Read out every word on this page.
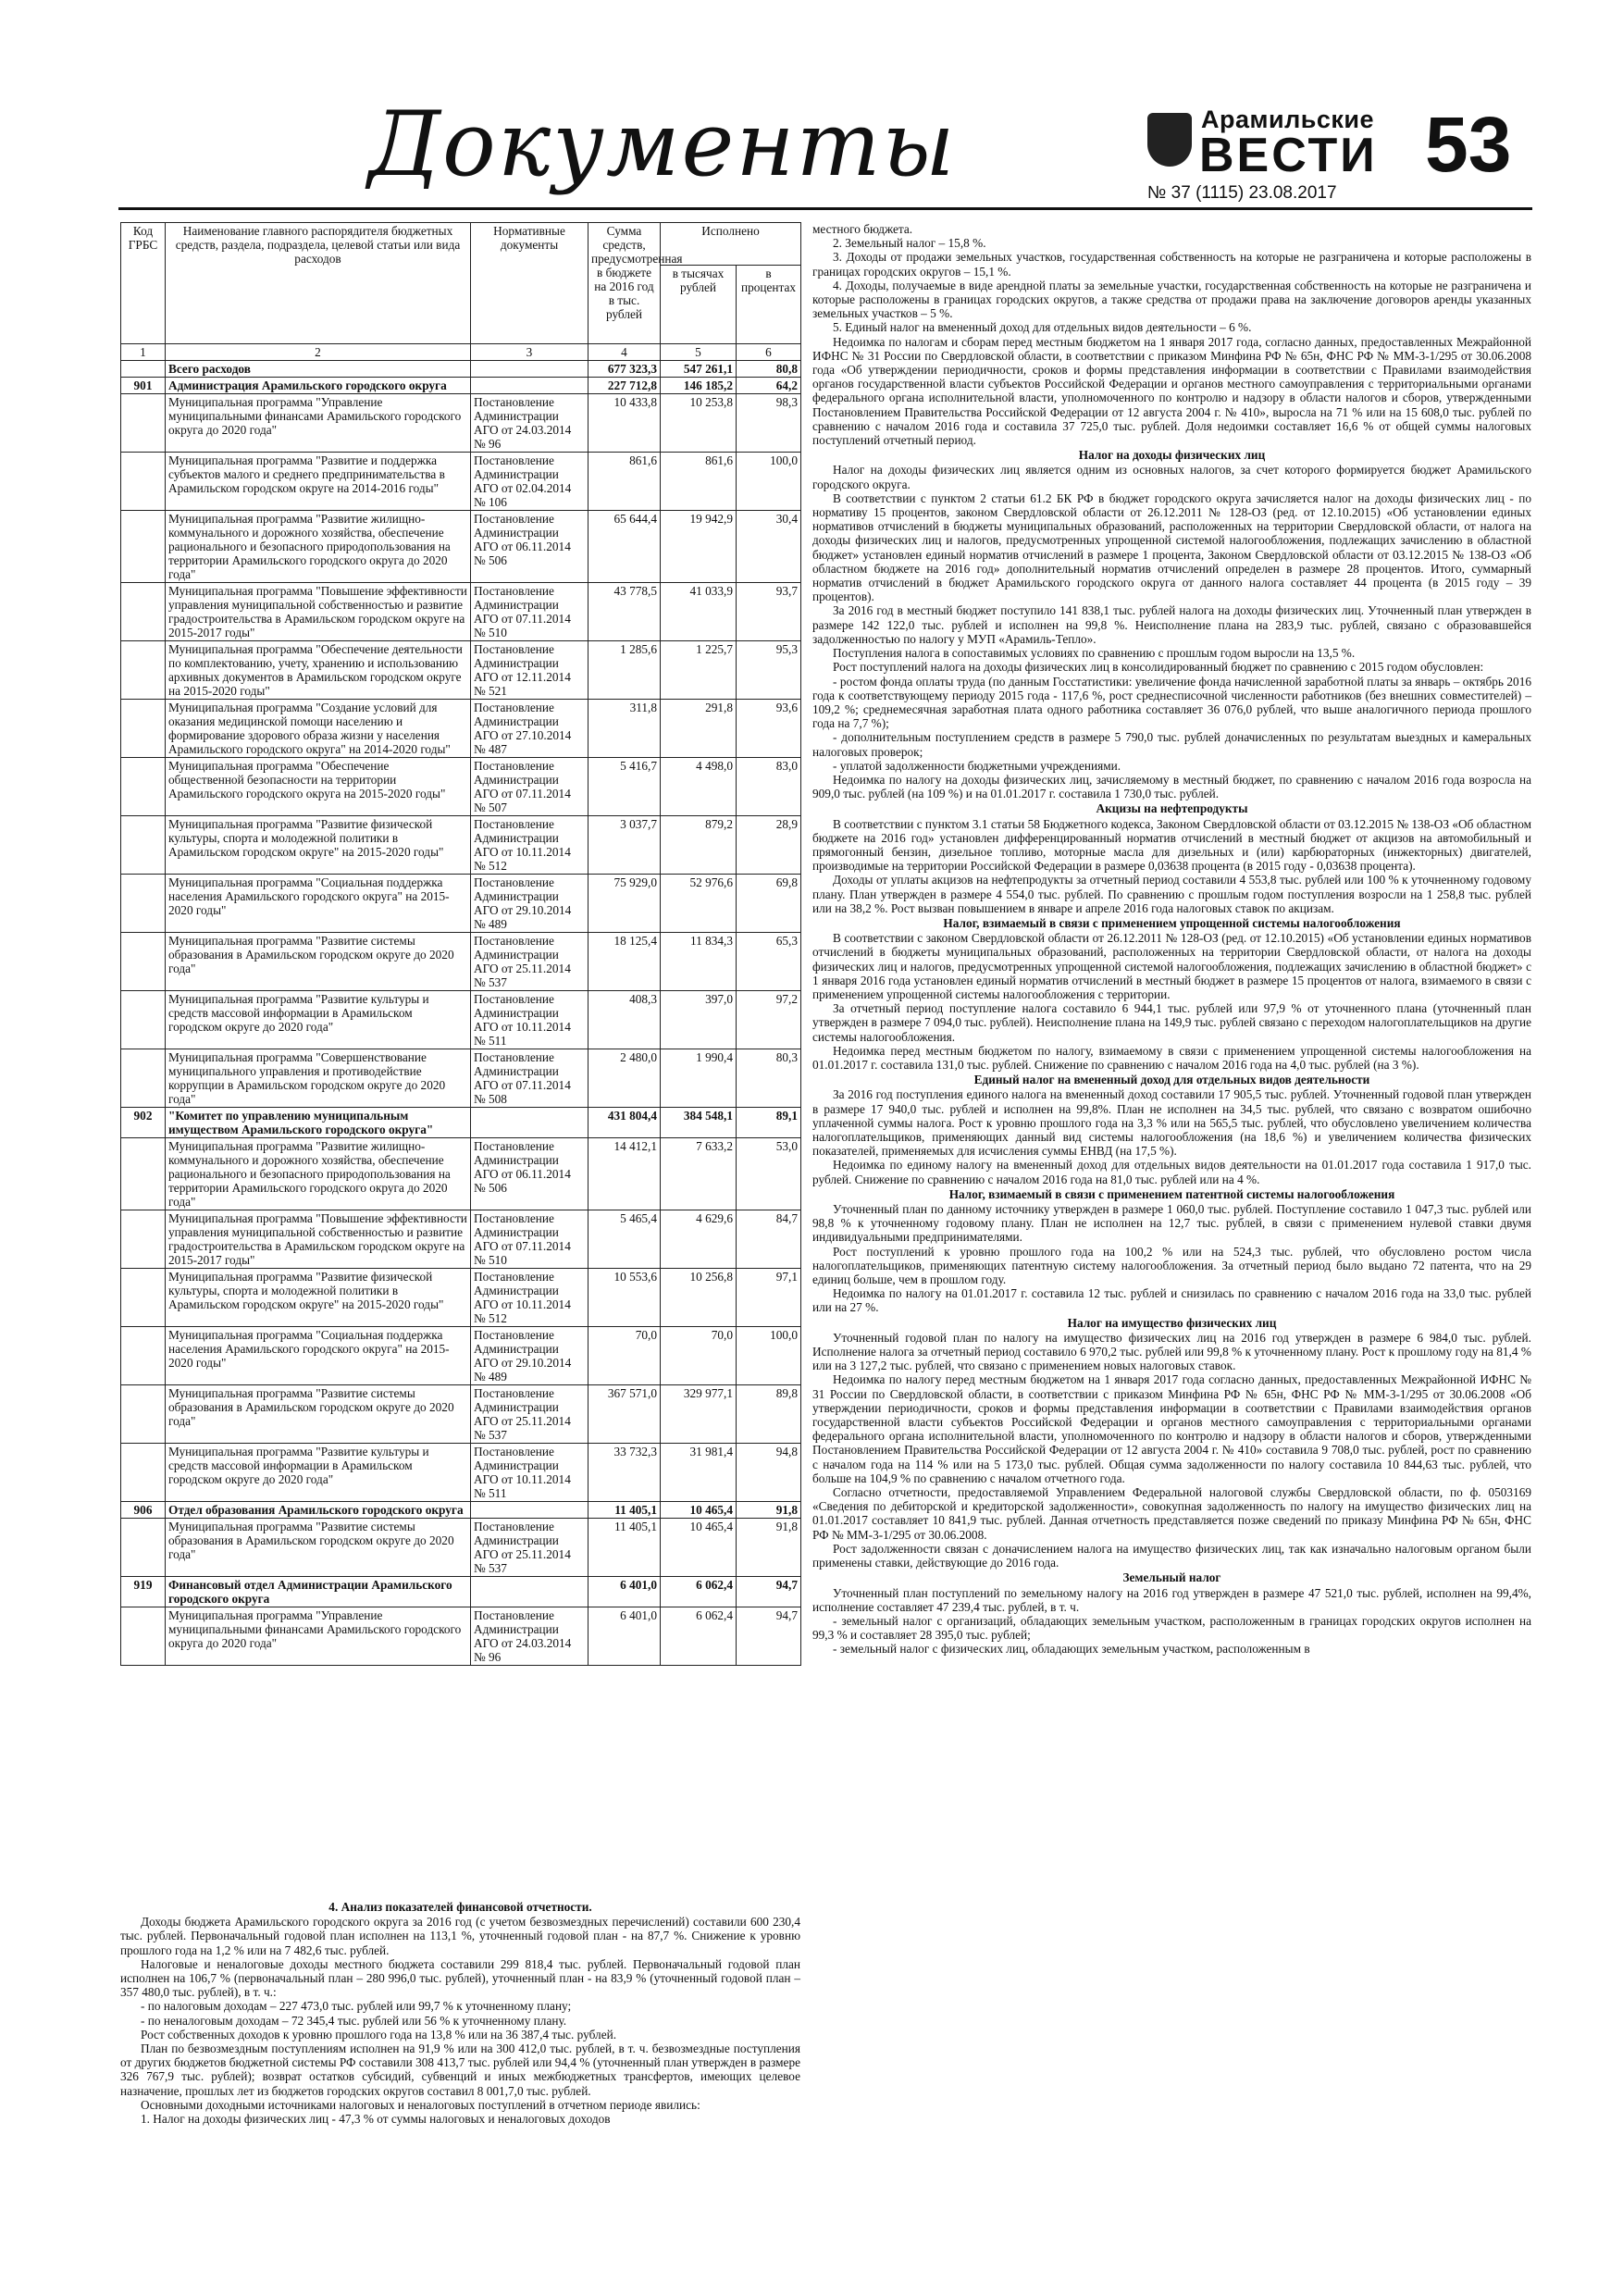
Документы	Арамильские
ВЕСТИ 53
№ 37 (1115) 23.08.2017
Код ГРБС	Наименование главного распорядителя бюджетных средств, раздела, подраздела, целевой статьи или вида расходов	Нормативные документы	Сумма средств, предусмотренная в бюджете на 2016 год в тыс. рублей	Исполнено	
				в тысячах рублей	в процентах
1	2	3	4	5	6
	Всего расходов		677 323,3	547 261,1	80,8
901	Администрация Арамильского городского округа		227 712,8	146 185,2	64,2
	Муниципальная программа "Управление муниципальными финансами Арамильского городского округа до 2020 года"	Постановление Администрации АГО от 24.03.2014 № 96	10 433,8	10 253,8	98,3
	Муниципальная программа "Развитие и поддержка субъектов малого и среднего предпринимательства в Арамильском городском округе на 2014-2016 годы"	Постановление Администрации АГО от 02.04.2014 № 106	861,6	861,6	100,0
	Муниципальная программа "Развитие жилищно-коммунального и дорожного хозяйства, обеспечение рационального и безопасного природопользования на территории Арамильского городского округа до 2020 года"	Постановление Администрации АГО от 06.11.2014 № 506	65 644,4	19 942,9	30,4
	Муниципальная программа "Повышение эффективности управления муниципальной собственностью и развитие градостроительства в Арамильском городском округе на 2015-2017 годы"	Постановление Администрации АГО от 07.11.2014 № 510	43 778,5	41 033,9	93,7
	Муниципальная программа "Обеспечение деятельности по комплектованию, учету, хранению и использованию архивных документов в Арамильском городском округе на 2015-2020 годы"	Постановление Администрации АГО от 12.11.2014 № 521	1 285,6	1 225,7	95,3
	Муниципальная программа "Создание условий для оказания медицинской помощи населению и формирование здорового образа жизни у населения Арамильского городского округа" на 2014-2020 годы"	Постановление Администрации АГО от 27.10.2014 № 487	311,8	291,8	93,6
	Муниципальная программа "Обеспечение общественной безопасности на территории Арамильского городского округа на 2015-2020 годы"	Постановление Администрации АГО от 07.11.2014 № 507	5 416,7	4 498,0	83,0
	Муниципальная программа "Развитие физической культуры, спорта и молодежной политики в Арамильском городском округе" на 2015-2020 годы"	Постановление Администрации АГО от 10.11.2014 № 512	3 037,7	879,2	28,9
	Муниципальная программа "Социальная поддержка населения Арамильского городского округа" на 2015-2020 годы"	Постановление Администрации АГО от 29.10.2014 № 489	75 929,0	52 976,6	69,8
	Муниципальная программа "Развитие системы образования в Арамильском городском округе до 2020 года"	Постановление Администрации АГО от 25.11.2014 № 537	18 125,4	11 834,3	65,3
	Муниципальная программа "Развитие культуры и средств массовой информации в Арамильском городском округе до 2020 года"	Постановление Администрации АГО от 10.11.2014 № 511	408,3	397,0	97,2
	Муниципальная программа "Совершенствование муниципального управления и противодействие коррупции в Арамильском городском округе до 2020 года"	Постановление Администрации АГО от 07.11.2014 № 508	2 480,0	1 990,4	80,3
902	"Комитет по управлению муниципальным имуществом Арамильского городского округа"		431 804,4	384 548,1	89,1
	Муниципальная программа "Развитие жилищно-коммунального и дорожного хозяйства, обеспечение рационального и безопасного природопользования на территории Арамильского городского округа до 2020 года"	Постановление Администрации АГО от 06.11.2014 № 506	14 412,1	7 633,2	53,0
	Муниципальная программа "Повышение эффективности управления муниципальной собственностью и развитие градостроительства в Арамильском городском округе на 2015-2017 годы"	Постановление Администрации АГО от 07.11.2014 № 510	5 465,4	4 629,6	84,7
	Муниципальная программа "Развитие физической культуры, спорта и молодежной политики в Арамильском городском округе" на 2015-2020 годы"	Постановление Администрации АГО от 10.11.2014 № 512	10 553,6	10 256,8	97,1
	Муниципальная программа "Социальная поддержка населения Арамильского городского округа" на 2015-2020 годы"	Постановление Администрации АГО от 29.10.2014 № 489	70,0	70,0	100,0
	Муниципальная программа "Развитие системы образования в Арамильском городском округе до 2020 года"	Постановление Администрации АГО от 25.11.2014 № 537	367 571,0	329 977,1	89,8
	Муниципальная программа "Развитие культуры и средств массовой информации в Арамильском городском округе до 2020 года"	Постановление Администрации АГО от 10.11.2014 № 511	33 732,3	31 981,4	94,8
906	Отдел образования Арамильского городского округа		11 405,1	10 465,4	91,8
	Муниципальная программа "Развитие системы образования в Арамильском городском округе до 2020 года"	Постановление Администрации АГО от 25.11.2014 № 537	11 405,1	10 465,4	91,8
919	Финансовый отдел Администрации Арамильского городского округа		6 401,0	6 062,4	94,7
	Муниципальная программа "Управление муниципальными финансами Арамильского городского округа до 2020 года"	Постановление Администрации АГО от 24.03.2014 № 96	6 401,0	6 062,4	94,7
4. Анализ показателей финансовой отчетности.

Доходы бюджета Арамильского городского округа за 2016 год (с учетом безвозмездных перечислений) составили 600 230,4 тыс. рублей. Первоначальный годовой план исполнен на 113,1 %, уточненный годовой план - на 87,7 %. Снижение к уровню прошлого года на 1,2 % или на 7 482,6 тыс. рублей.

Налоговые и неналоговые доходы местного бюджета составили 299 818,4 тыс. рублей. Первоначальный годовой план исполнен на 106,7 % (первоначальный план – 280 996,0 тыс. рублей), уточненный план - на 83,9 % (уточненный годовой план – 357 480,0 тыс. рублей), в т. ч.:

- по налоговым доходам – 227 473,0 тыс. рублей или 99,7 % к уточненному плану;

- по неналоговым доходам – 72 345,4 тыс. рублей или 56 % к уточненному плану.

Рост собственных доходов к уровню прошлого года на 13,8 % или на 36 387,4 тыс. рублей.

План по безвозмездным поступлениям исполнен на 91,9 % или на 300 412,0 тыс. рублей, в т. ч. безвозмездные поступления от других бюджетов бюджетной системы РФ составили 308 413,7 тыс. рублей или 94,4 % (уточненный план утвержден в размере 326 767,9 тыс. рублей); возврат остатков субсидий, субвенций и иных межбюджетных трансфертов, имеющих целевое назначение, прошлых лет из бюджетов городских округов составил 8 001,7,0 тыс. рублей.

Основными доходными источниками налоговых и неналоговых поступлений в отчетном периоде явились:

1. Налог на доходы физических лиц - 47,3 % от суммы налоговых и неналоговых доходов

местного бюджета.

2. Земельный налог – 15,8 %.

3. Доходы от продажи земельных участков, государственная собственность на которые не разграничена и которые расположены в границах городских округов – 15,1 %.

4. Доходы, получаемые в виде арендной платы за земельные участки, государственная собственность на которые не разграничена и которые расположены в границах городских округов, а также средства от продажи права на заключение договоров аренды указанных земельных участков – 5 %.

5. Единый налог на вмененный доход для отдельных видов деятельности – 6 %.

Недоимка по налогам и сборам перед местным бюджетом на 1 января 2017 года, согласно данных, предоставленных Межрайонной ИФНС № 31 России по Свердловской области, в соответствии с приказом Минфина РФ № 65н, ФНС РФ № ММ-3-1/295 от 30.06.2008 года «Об утверждении периодичности, сроков и формы представления информации в соответствии с Правилами взаимодействия органов государственной власти субъектов Российской Федерации и органов местного самоуправления с территориальными органами федерального органа исполнительной власти, уполномоченного по контролю и надзору в области налогов и сборов, утвержденными Постановлением Правительства Российской Федерации от 12 августа 2004 г. № 410», выросла на 71 % или на 15 608,0 тыс. рублей по сравнению с началом 2016 года и составила 37 725,0 тыс. рублей. Доля недоимки составляет 16,6 % от общей суммы налоговых поступлений отчетный период.

Налог на доходы физических лиц

Налог на доходы физических лиц является одним из основных налогов, за счет которого формируется бюджет Арамильского городского округа.

В соответствии с пунктом 2 статьи 61.2 БК РФ в бюджет городского округа зачисляется налог на доходы физических лиц - по нормативу 15 процентов, законом Свердловской области от 26.12.2011 № 128-ОЗ (ред. от 12.10.2015) «Об установлении единых нормативов отчислений в бюджеты муниципальных образований, расположенных на территории Свердловской области, от налога на доходы физических лиц и налогов, предусмотренных упрощенной системой налогообложения, подлежащих зачислению в областной бюджет» установлен единый норматив отчислений в размере 1 процента, Законом Свердловской области от 03.12.2015 № 138-ОЗ «Об областном бюджете на 2016 год» дополнительный норматив отчислений определен в размере 28 процентов. Итого, суммарный норматив отчислений в бюджет Арамильского городского округа от данного налога составляет 44 процента (в 2015 году – 39 процентов).

За 2016 год в местный бюджет поступило 141 838,1 тыс. рублей налога на доходы физических лиц. Уточненный план утвержден в размере 142 122,0 тыс. рублей и исполнен на 99,8 %. Неисполнение плана на 283,9 тыс. рублей, связано с образовавшейся задолженностью по налогу у МУП «Арамиль-Тепло».

Поступления налога в сопоставимых условиях по сравнению с прошлым годом выросли на 13,5 %.

Рост поступлений налога на доходы физических лиц в консолидированный бюджет по сравнению с 2015 годом обусловлен:

- ростом фонда оплаты труда (по данным Госстатистики: увеличение фонда начисленной заработной платы за январь – октябрь 2016 года к соответствующему периоду 2015 года - 117,6 %, рост среднесписочной численности работников (без внешних совместителей) – 109,2 %; среднемесячная заработная плата одного работника составляет 36 076,0 рублей, что выше аналогичного периода прошлого года на 7,7 %);

- дополнительным поступлением средств в размере 5 790,0 тыс. рублей доначисленных по результатам выездных и камеральных налоговых проверок;

- уплатой задолженности бюджетными учреждениями.

Недоимка по налогу на доходы физических лиц, зачисляемому в местный бюджет, по сравнению с началом 2016 года возросла на 909,0 тыс. рублей (на 109 %) и на 01.01.2017 г. составила 1 730,0 тыс. рублей.

Акцизы на нефтепродукты

В соответствии с пунктом 3.1 статьи 58 Бюджетного кодекса, Законом Свердловской области от 03.12.2015 № 138-ОЗ «Об областном бюджете на 2016 год» установлен дифференцированный норматив отчислений в местный бюджет от акцизов на автомобильный и прямогонный бензин, дизельное топливо, моторные масла для дизельных и (или) карбюраторных (инжекторных) двигателей, производимые на территории Российской Федерации в размере 0,03638 процента (в 2015 году - 0,03638 процента).

Доходы от уплаты акцизов на нефтепродукты за отчетный период составили 4 553,8 тыс. рублей или 100 % к уточненному годовому плану. План утвержден в размере 4 554,0 тыс. рублей. По сравнению с прошлым годом поступления возросли на 1 258,8 тыс. рублей или на 38,2 %. Рост вызван повышением в январе и апреле 2016 года налоговых ставок по акцизам.

Налог, взимаемый в связи с применением упрощенной системы налогообложения

В соответствии с законом Свердловской области от 26.12.2011 № 128-ОЗ (ред. от 12.10.2015) «Об установлении единых нормативов отчислений в бюджеты муниципальных образований, расположенных на территории Свердловской области, от налога на доходы физических лиц и налогов, предусмотренных упрощенной системой налогообложения, подлежащих зачислению в областной бюджет» с 1 января 2016 года установлен единый норматив отчислений в местный бюджет в размере 15 процентов от налога, взимаемого в связи с применением упрощенной системы налогообложения с территории.

За отчетный период поступление налога составило 6 944,1 тыс. рублей или 97,9 % от уточненного плана (уточненный план утвержден в размере 7 094,0 тыс. рублей). Неисполнение плана на 149,9 тыс. рублей связано с переходом налогоплательщиков на другие системы налогообложения.

Недоимка перед местным бюджетом по налогу, взимаемому в связи с применением упрощенной системы налогообложения на 01.01.2017 г. составила 131,0 тыс. рублей. Снижение по сравнению с началом 2016 года на 4,0 тыс. рублей (на 3 %).

Единый налог на вмененный доход для отдельных видов деятельности

За 2016 год поступления единого налога на вмененный доход составили 17 905,5 тыс. рублей. Уточненный годовой план утвержден в размере 17 940,0 тыс. рублей и исполнен на 99,8%. План не исполнен на 34,5 тыс. рублей, что связано с возвратом ошибочно уплаченной суммы налога. Рост к уровню прошлого года на 3,3 % или на 565,5 тыс. рублей, что обусловлено увеличением количества налогоплательщиков, применяющих данный вид системы налогообложения (на 18,6 %) и увеличением количества физических показателей, применяемых для исчисления суммы ЕНВД (на 17,5 %).

Недоимка по единому налогу на вмененный доход для отдельных видов деятельности на 01.01.2017 года составила 1 917,0 тыс. рублей. Снижение по сравнению с началом 2016 года на 81,0 тыс. рублей или на 4 %.

Налог, взимаемый в связи с применением патентной системы налогообложения

Уточненный план по данному источнику утвержден в размере 1 060,0 тыс. рублей. Поступление составило 1 047,3 тыс. рублей или 98,8 % к уточненному годовому плану. План не исполнен на 12,7 тыс. рублей, в связи с применением нулевой ставки двумя индивидуальными предпринимателями.

Рост поступлений к уровню прошлого года на 100,2 % или на 524,3 тыс. рублей, что обусловлено ростом числа налогоплательщиков, применяющих патентную систему налогообложения. За отчетный период было выдано 72 патента, что на 29 единиц больше, чем в прошлом году.

Недоимка по налогу на 01.01.2017 г. составила 12 тыс. рублей и снизилась по сравнению с началом 2016 года на 33,0 тыс. рублей или на 27 %.

Налог на имущество физических лиц

Уточненный годовой план по налогу на имущество физических лиц на 2016 год утвержден в размере 6 984,0 тыс. рублей. Исполнение налога за отчетный период составило 6 970,2 тыс. рублей или 99,8 % к уточненному плану. Рост к прошлому году на 81,4 % или на 3 127,2 тыс. рублей, что связано с применением новых налоговых ставок.

Недоимка по налогу перед местным бюджетом на 1 января 2017 года согласно данных, предоставленных Межрайонной ИФНС № 31 России по Свердловской области, в соответствии с приказом Минфина РФ № 65н, ФНС РФ № ММ-3-1/295 от 30.06.2008 «Об утверждении периодичности, сроков и формы представления информации в соответствии с Правилами взаимодействия органов государственной власти субъектов Российской Федерации и органов местного самоуправления с территориальными органами федерального органа исполнительной власти, уполномоченного по контролю и надзору в области налогов и сборов, утвержденными Постановлением Правительства Российской Федерации от 12 августа 2004 г. № 410» составила 9 708,0 тыс. рублей, рост по сравнению с началом года на 114 % или на 5 173,0 тыс. рублей. Общая сумма задолженности по налогу составила 10 844,63 тыс. рублей, что больше на 104,9 % по сравнению с началом отчетного года.

Согласно отчетности, предоставляемой Управлением Федеральной налоговой службы Свердловской области, по ф. 0503169 «Сведения по дебиторской и кредиторской задолженности», совокупная задолженность по налогу на имущество физических лиц на 01.01.2017 составляет 10 841,9 тыс. рублей. Данная отчетность представляется позже сведений по приказу Минфина РФ № 65н, ФНС РФ № ММ-3-1/295 от 30.06.2008.

Рост задолженности связан с доначислением налога на имущество физических лиц, так как изначально налоговым органом были применены ставки, действующие до 2016 года.

Земельный налог

Уточненный план поступлений по земельному налогу на 2016 год утвержден в размере 47 521,0 тыс. рублей, исполнен на 99,4%, исполнение составляет 47 239,4 тыс. рублей, в т. ч.

- земельный налог с организаций, обладающих земельным участком, расположенным в границах городских округов исполнен на 99,3 % и составляет 28 395,0 тыс. рублей;

- земельный налог с физических лиц, обладающих земельным участком, расположенным в
